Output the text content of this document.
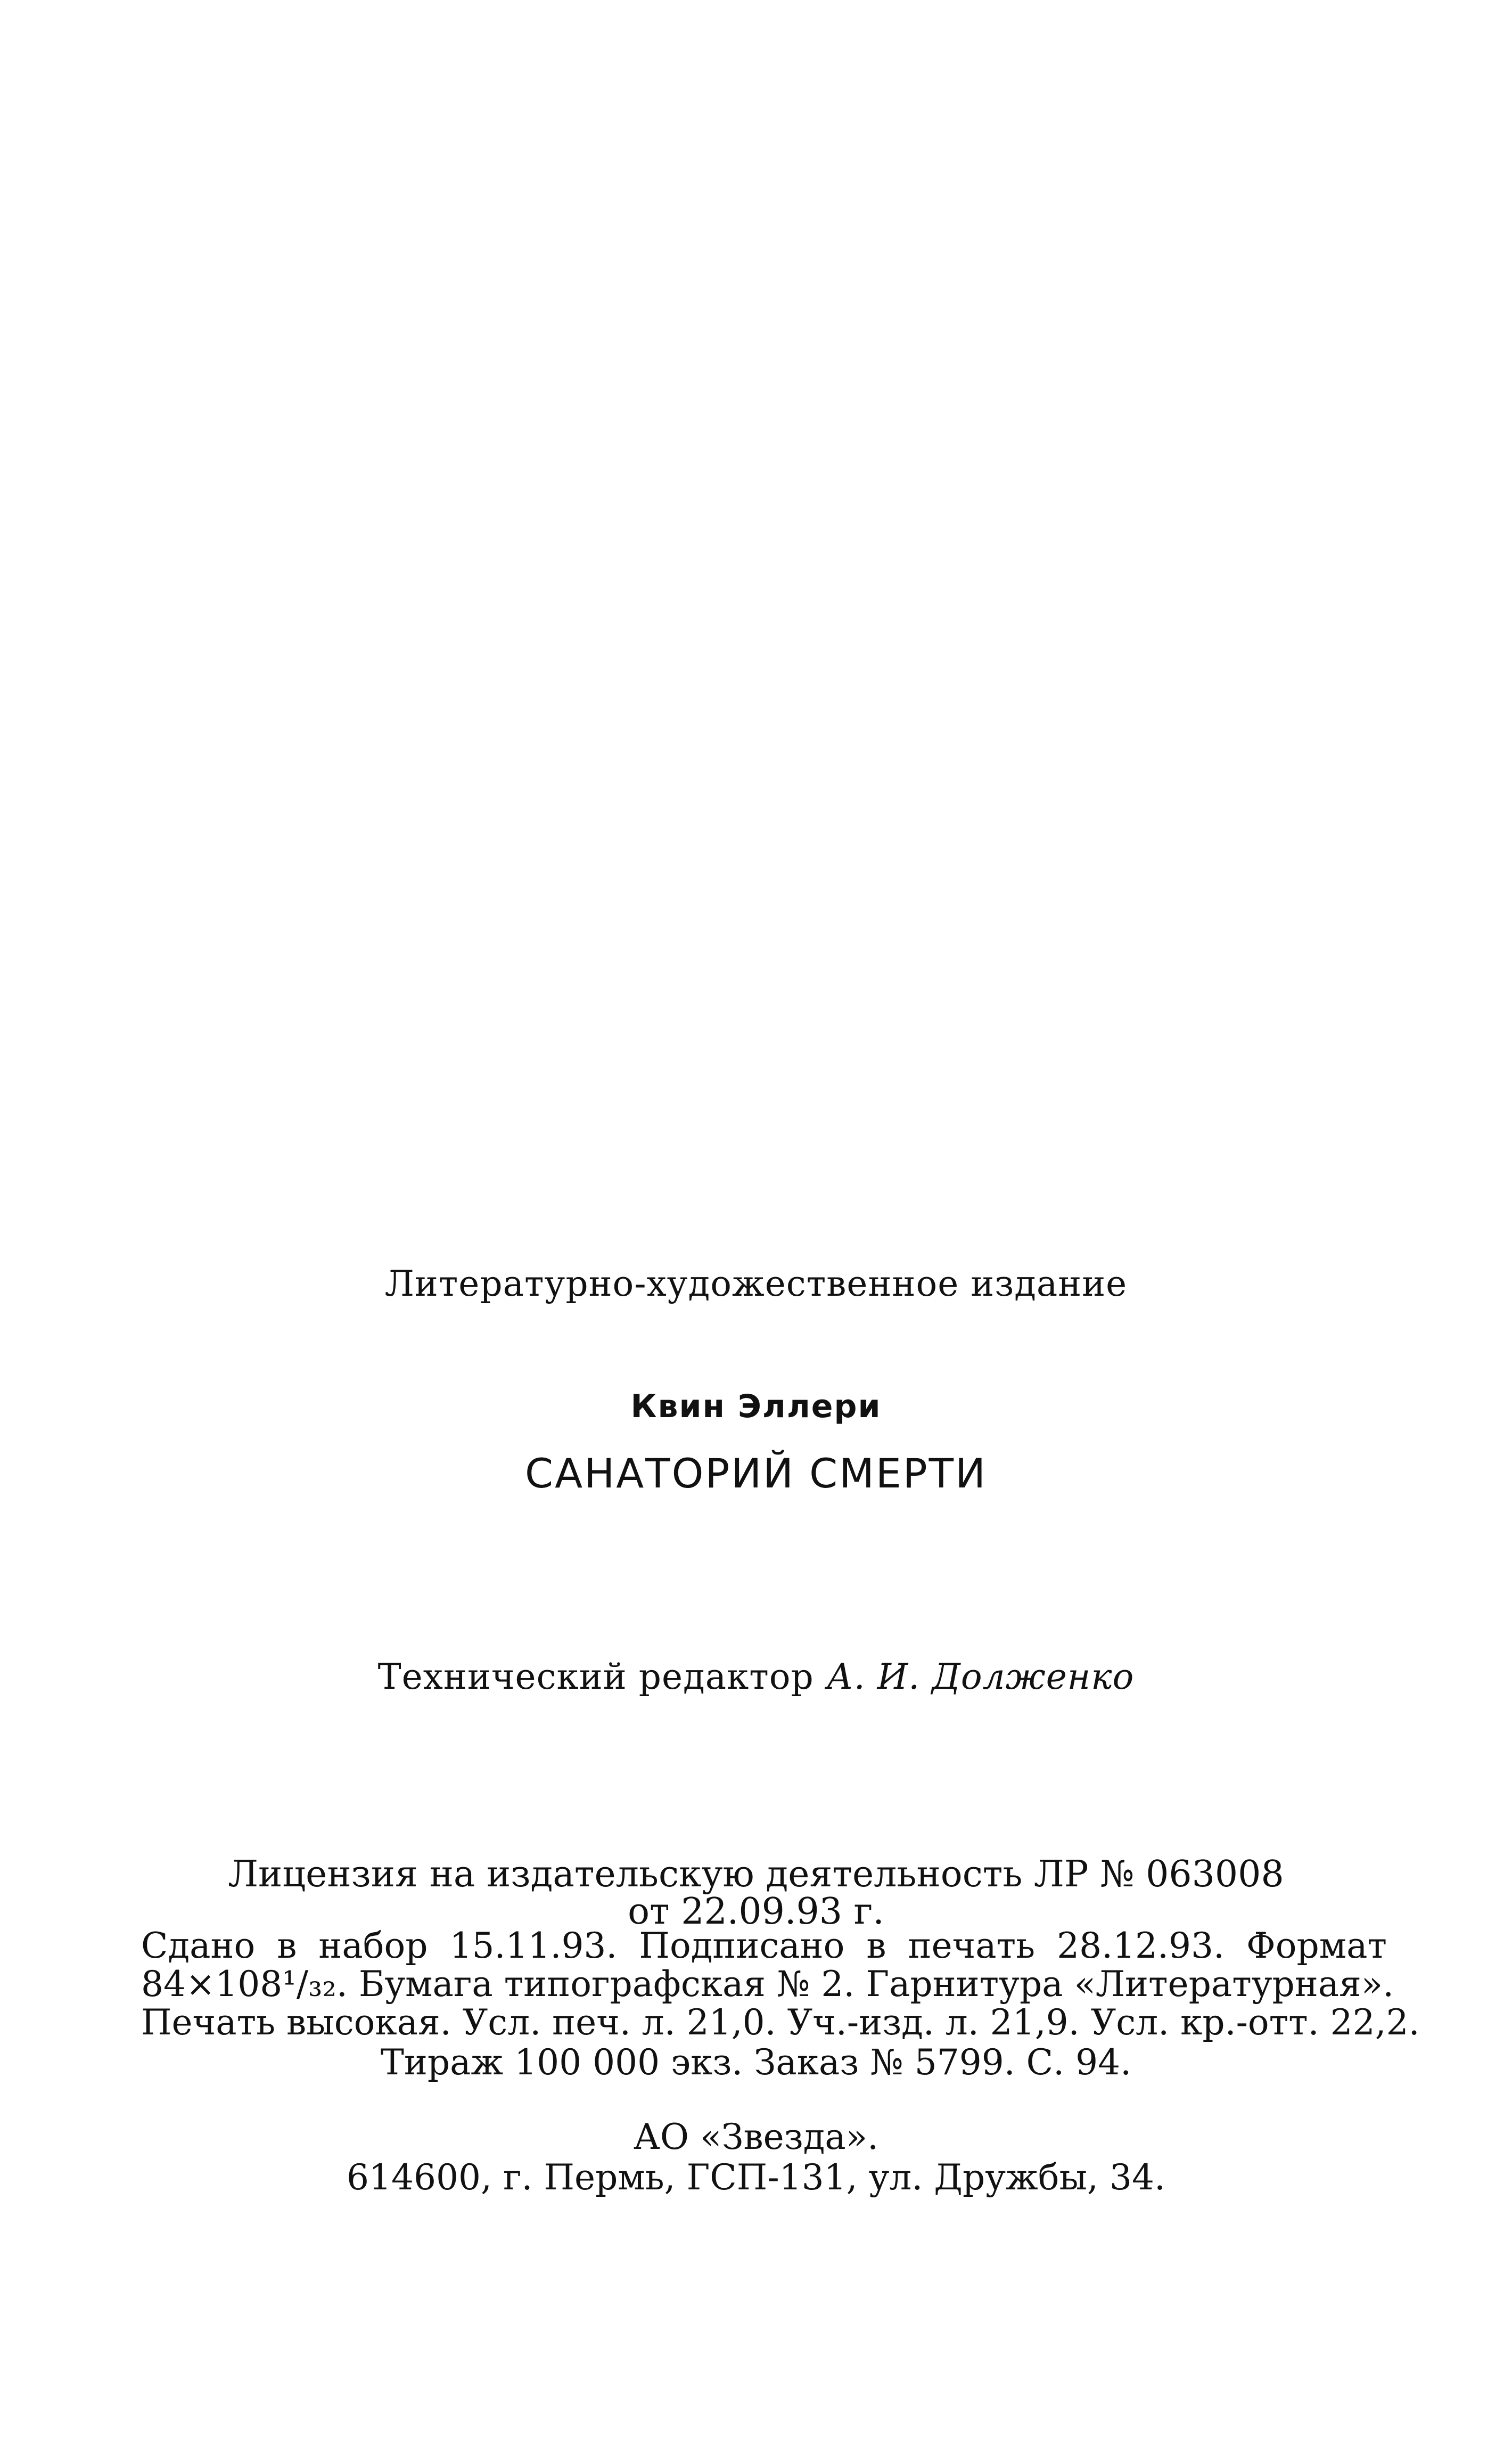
Литературно-художественное издание
Квин Эллери
САНАТОРИЙ СМЕРТИ
Технический редактор А. И. Долженко
Лицензия на издательскую деятельность ЛР № 063008
от 22.09.93 г.
Сдано в набор 15.11.93. Подписано в печать 28.12.93. Формат
84×108¹/₃₂. Бумага типографская № 2. Гарнитура «Литературная».
Печать высокая. Усл. печ. л. 21,0. Уч.-изд. л. 21,9. Усл. кр.-отт. 22,2.
Тираж 100 000 экз. Заказ № 5799. С. 94.
АО «Звезда».
614600, г. Пермь, ГСП-131, ул. Дружбы, 34.
